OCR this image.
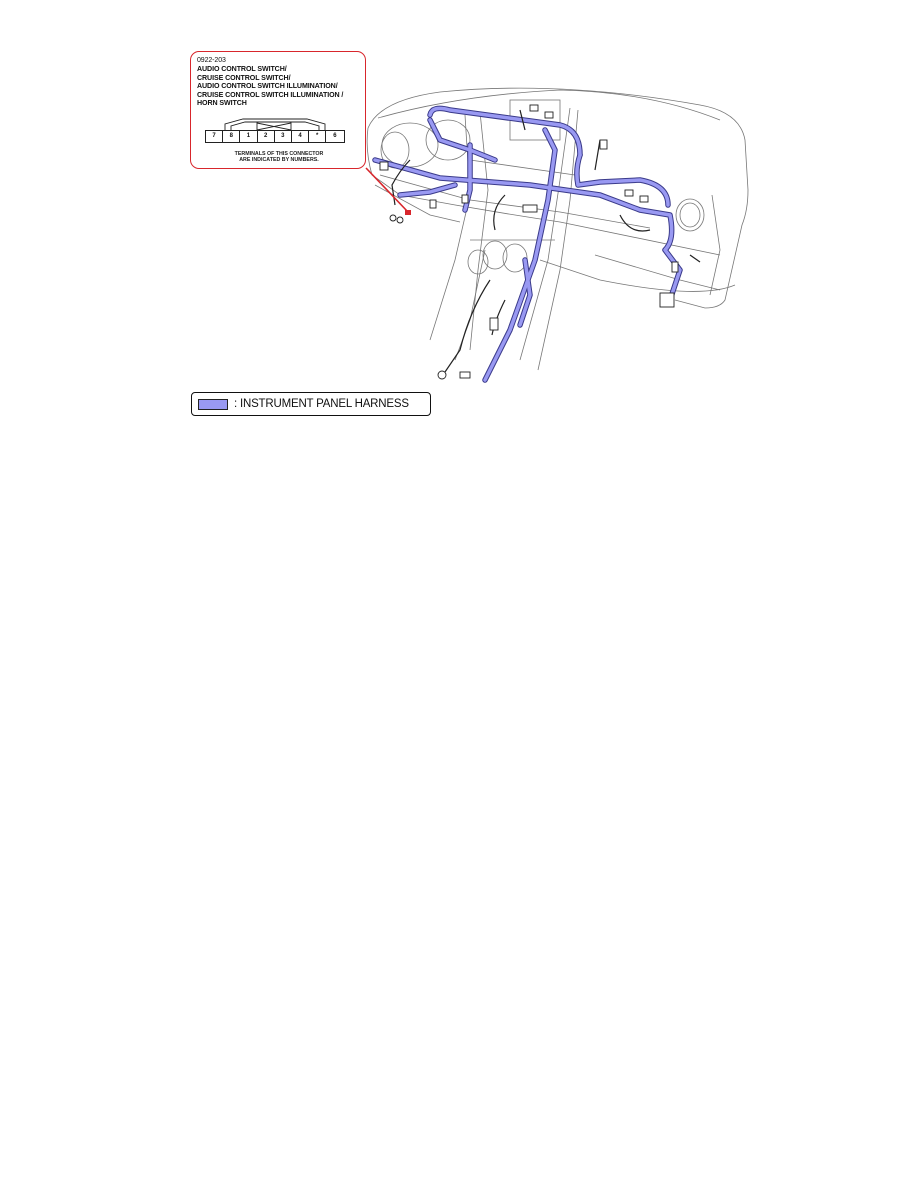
0922-203
AUDIO CONTROL SWITCH/
CRUISE CONTROL SWITCH/
AUDIO CONTROL SWITCH ILLUMINATION/
CRUISE CONTROL SWITCH ILLUMINATION /
HORN SWITCH
7	8	1	2	3	4	*	6
TERMINALS OF THIS CONNECTOR
ARE INDICATED BY NUMBERS.
: INSTRUMENT PANEL HARNESS
